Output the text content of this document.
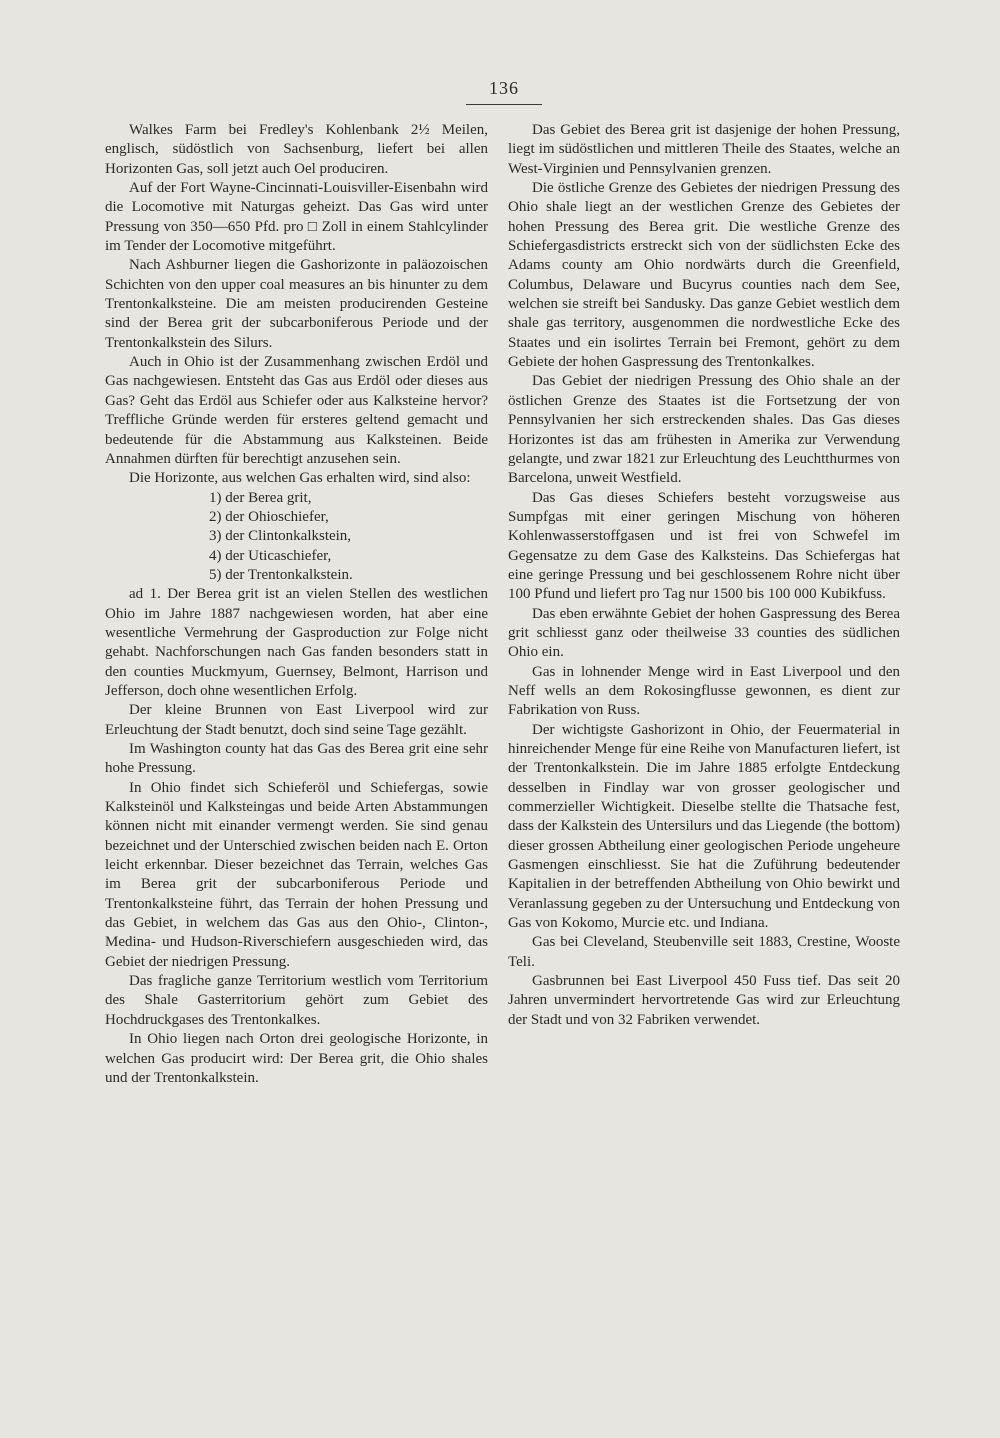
136

Walkes Farm bei Fredley's Kohlenbank 2½ Meilen, englisch, südöstlich von Sachsenburg, liefert bei allen Horizonten Gas, soll jetzt auch Oel produciren.

Auf der Fort Wayne-Cincinnati-Louisviller-Eisenbahn wird die Locomotive mit Naturgas geheizt. Das Gas wird unter Pressung von 350—650 Pfd. pro □ Zoll in einem Stahlcylinder im Tender der Locomotive mitgeführt.

Nach Ashburner liegen die Gashorizonte in paläozoischen Schichten von den upper coal measures an bis hinunter zu dem Trentonkalksteine. Die am meisten producirenden Gesteine sind der Berea grit der subcarboniferous Periode und der Trentonkalkstein des Silurs.

Auch in Ohio ist der Zusammenhang zwischen Erdöl und Gas nachgewiesen. Entsteht das Gas aus Erdöl oder dieses aus Gas? Geht das Erdöl aus Schiefer oder aus Kalksteine hervor? Treffliche Gründe werden für ersteres geltend gemacht und bedeutende für die Abstammung aus Kalksteinen. Beide Annahmen dürften für berechtigt anzusehen sein.

Die Horizonte, aus welchen Gas erhalten wird, sind also:

1) der Berea grit,
2) der Ohioschiefer,
3) der Clintonkalkstein,
4) der Uticaschiefer,
5) der Trentonkalkstein.

ad 1. Der Berea grit ist an vielen Stellen des westlichen Ohio im Jahre 1887 nachgewiesen worden, hat aber eine wesentliche Vermehrung der Gasproduction zur Folge nicht gehabt. Nachforschungen nach Gas fanden besonders statt in den counties Muckmyum, Guernsey, Belmont, Harrison und Jefferson, doch ohne wesentlichen Erfolg.

Der kleine Brunnen von East Liverpool wird zur Erleuchtung der Stadt benutzt, doch sind seine Tage gezählt.

Im Washington county hat das Gas des Berea grit eine sehr hohe Pressung.

In Ohio findet sich Schieferöl und Schiefergas, sowie Kalksteinöl und Kalksteingas und beide Arten Abstammungen können nicht mit einander vermengt werden. Sie sind genau bezeichnet und der Unterschied zwischen beiden nach E. Orton leicht erkennbar. Dieser bezeichnet das Terrain, welches Gas im Berea grit der subcarboniferous Periode und Trentonkalksteine führt, das Terrain der hohen Pressung und das Gebiet, in welchem das Gas aus den Ohio-, Clinton-, Medina- und Hudson-Riverschiefern ausgeschieden wird, das Gebiet der niedrigen Pressung.

Das fragliche ganze Territorium westlich vom Territorium des Shale Gasterritorium gehört zum Gebiet des Hochdruckgases des Trentonkalkes.

In Ohio liegen nach Orton drei geologische Horizonte, in welchen Gas producirt wird: Der Berea grit, die Ohio shales und der Trentonkalkstein.

Das Gebiet des Berea grit ist dasjenige der hohen Pressung, liegt im südöstlichen und mittleren Theile des Staates, welche an West-Virginien und Pennsylvanien grenzen.

Die östliche Grenze des Gebietes der niedrigen Pressung des Ohio shale liegt an der westlichen Grenze des Gebietes der hohen Pressung des Berea grit. Die westliche Grenze des Schiefergasdistricts erstreckt sich von der südlichsten Ecke des Adams county am Ohio nordwärts durch die Greenfield, Columbus, Delaware und Bucyrus counties nach dem See, welchen sie streift bei Sandusky. Das ganze Gebiet westlich dem shale gas territory, ausgenommen die nordwestliche Ecke des Staates und ein isolirtes Terrain bei Fremont, gehört zu dem Gebiete der hohen Gaspressung des Trentonkalkes.

Das Gebiet der niedrigen Pressung des Ohio shale an der östlichen Grenze des Staates ist die Fortsetzung der von Pennsylvanien her sich erstreckenden shales. Das Gas dieses Horizontes ist das am frühesten in Amerika zur Verwendung gelangte, und zwar 1821 zur Erleuchtung des Leuchtthurmes von Barcelona, unweit Westfield.

Das Gas dieses Schiefers besteht vorzugsweise aus Sumpfgas mit einer geringen Mischung von höheren Kohlenwasserstoffgasen und ist frei von Schwefel im Gegensatze zu dem Gase des Kalksteins. Das Schiefergas hat eine geringe Pressung und bei geschlossenem Rohre nicht über 100 Pfund und liefert pro Tag nur 1500 bis 100 000 Kubikfuss.

Das eben erwähnte Gebiet der hohen Gaspressung des Berea grit schliesst ganz oder theilweise 33 counties des südlichen Ohio ein.

Gas in lohnender Menge wird in East Liverpool und den Neff wells an dem Rokosingflusse gewonnen, es dient zur Fabrikation von Russ.

Der wichtigste Gashorizont in Ohio, der Feuermaterial in hinreichender Menge für eine Reihe von Manufacturen liefert, ist der Trentonkalkstein. Die im Jahre 1885 erfolgte Entdeckung desselben in Findlay war von grosser geologischer und commerzieller Wichtigkeit. Dieselbe stellte die Thatsache fest, dass der Kalkstein des Untersilurs und das Liegende (the bottom) dieser grossen Abtheilung einer geologischen Periode ungeheure Gasmengen einschliesst. Sie hat die Zuführung bedeutender Kapitalien in der betreffenden Abtheilung von Ohio bewirkt und Veranlassung gegeben zu der Untersuchung und Entdeckung von Gas von Kokomo, Murcie etc. und Indiana.

Gas bei Cleveland, Steubenville seit 1883, Crestine, Wooste Teli.

Gasbrunnen bei East Liverpool 450 Fuss tief. Das seit 20 Jahren unvermindert hervortretende Gas wird zur Erleuchtung der Stadt und von 32 Fabriken verwendet.
